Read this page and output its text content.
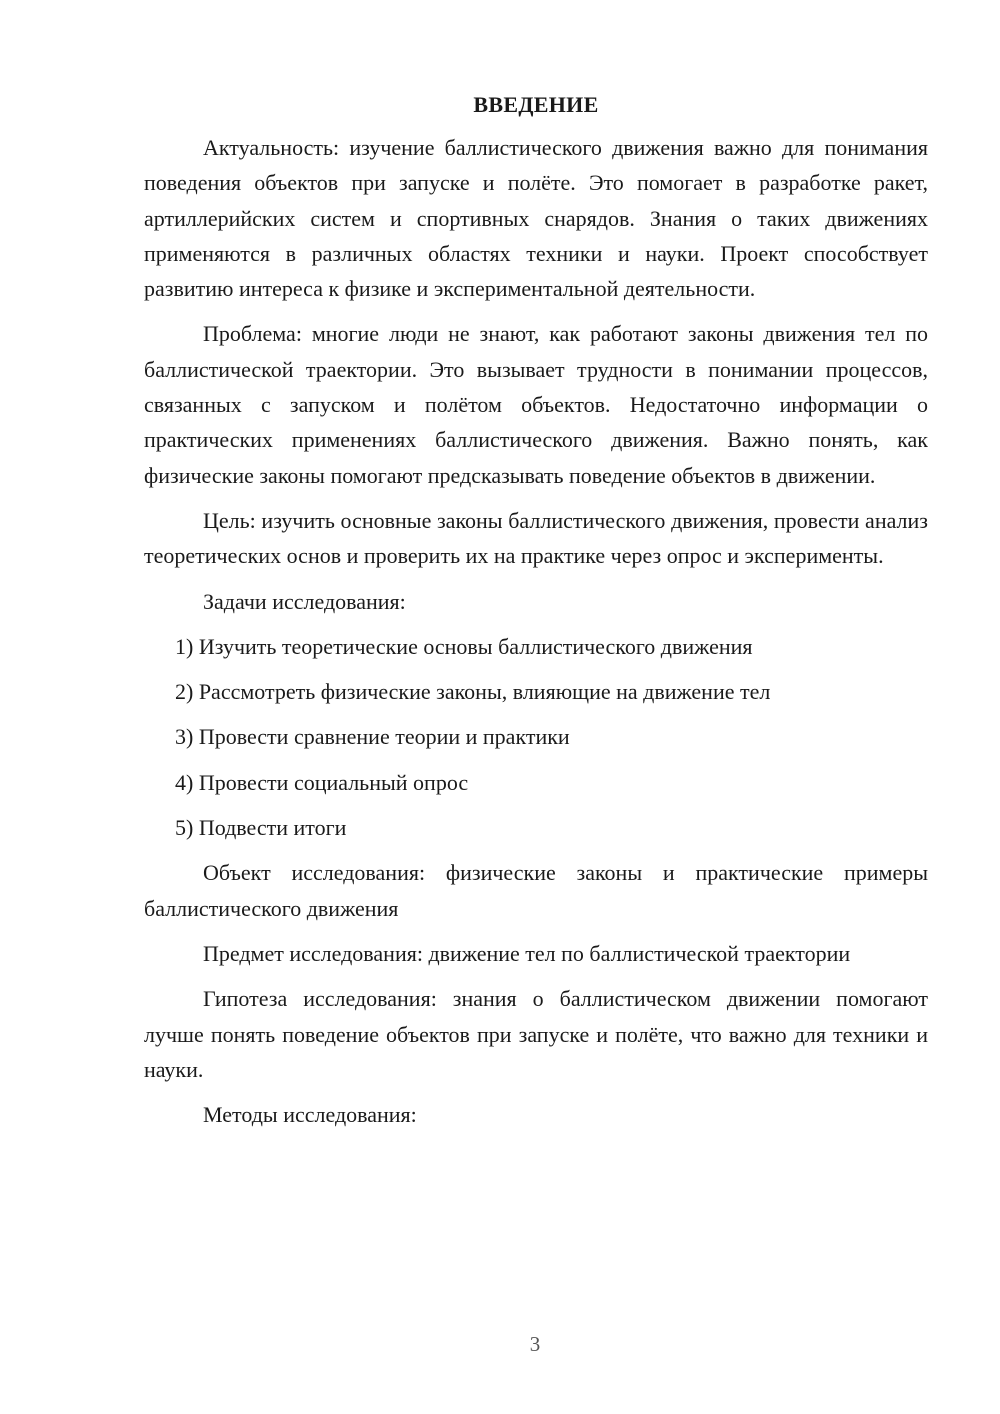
ВВЕДЕНИЕ

Актуальность: изучение баллистического движения важно для понимания поведения объектов при запуске и полёте. Это помогает в разработке ракет, артиллерийских систем и спортивных снарядов. Знания о таких движениях применяются в различных областях техники и науки. Проект способствует развитию интереса к физике и экспериментальной деятельности.

Проблема: многие люди не знают, как работают законы движения тел по баллистической траектории. Это вызывает трудности в понимании процессов, связанных с запуском и полётом объектов. Недостаточно информации о практических применениях баллистического движения. Важно понять, как физические законы помогают предсказывать поведение объектов в движении.

Цель: изучить основные законы баллистического движения, провести анализ теоретических основ и проверить их на практике через опрос и эксперименты.

Задачи исследования:

1) Изучить теоретические основы баллистического движения
2) Рассмотреть физические законы, влияющие на движение тел
3) Провести сравнение теории и практики
4) Провести социальный опрос
5) Подвести итоги

Объект исследования: физические законы и практические примеры баллистического движения

Предмет исследования: движение тел по баллистической траектории

Гипотеза исследования: знания о баллистическом движении помогают лучше понять поведение объектов при запуске и полёте, что важно для техники и науки.

Методы исследования:

3
